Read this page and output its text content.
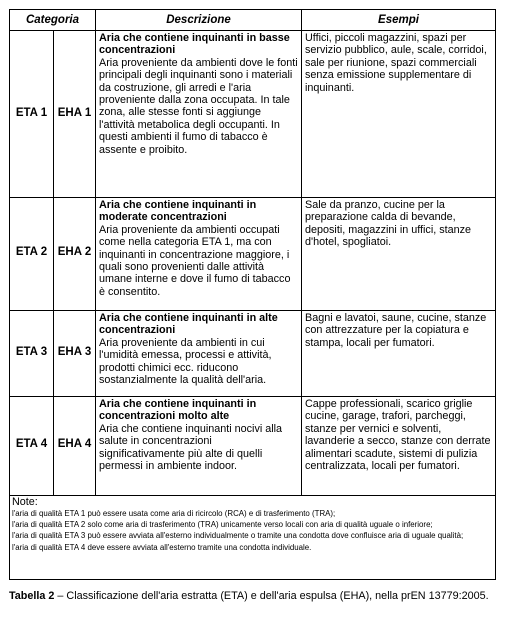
Categoria	Descrizione	Esempi
ETA 1 EHA 1
Aria che contiene inquinanti in basse concentrazioni
Aria proveniente da ambienti dove le fonti principali degli inquinanti sono i materiali da costruzione, gli arredi e l'aria proveniente dalla zona occupata. In tale zona, alle stesse fonti si aggiunge l'attività metabolica degli occupanti. In questi ambienti il fumo di tabacco è assente e proibito.
Uffici, piccoli magazzini, spazi per servizio pubblico, aule, scale, corridoi, sale per riunione, spazi commerciali senza emissione supplementare di inquinanti.
ETA 2 EHA 2
Aria che contiene inquinanti in moderate concentrazioni
Aria proveniente da ambienti occupati come nella categoria ETA 1, ma con inquinanti in concentrazione maggiore, i quali sono provenienti dalle attività umane interne e dove il fumo di tabacco è consentito.
Sale da pranzo, cucine per la preparazione calda di bevande, depositi, magazzini in uffici, stanze d'hotel, spogliatoi.
ETA 3 EHA 3
Aria che contiene inquinanti in alte concentrazioni
Aria proveniente da ambienti in cui l'umidità emessa, processi e attività, prodotti chimici ecc. riducono sostanzialmente la qualità dell'aria.
Bagni e lavatoi, saune, cucine, stanze con attrezzature per la copiatura e stampa, locali per fumatori.
ETA 4 EHA 4
Aria che contiene inquinanti in concentrazioni molto alte
Aria che contiene inquinanti nocivi alla salute in concentrazioni significativamente più alte di quelli permessi in ambiente indoor.
Cappe professionali, scarico griglie cucine, garage, trafori, parcheggi, stanze per vernici e solventi, lavanderie a secco, stanze con derrate alimentari scadute, sistemi di pulizia centralizzata, locali per fumatori.
Note:
l'aria di qualità ETA 1 può essere usata come aria di ricircolo (RCA) e di trasferimento (TRA);
l'aria di qualità ETA 2 solo come aria di trasferimento (TRA) unicamente verso locali con aria di qualità uguale o inferiore;
l'aria di qualità ETA 3 può essere avviata all'esterno individualmente o tramite una condotta dove confluisce aria di uguale qualità;
l'aria di qualità ETA 4 deve essere avviata all'esterno tramite una condotta individuale.
Tabella 2 – Classificazione dell'aria estratta (ETA) e dell'aria espulsa (EHA), nella prEN 13779:2005.
